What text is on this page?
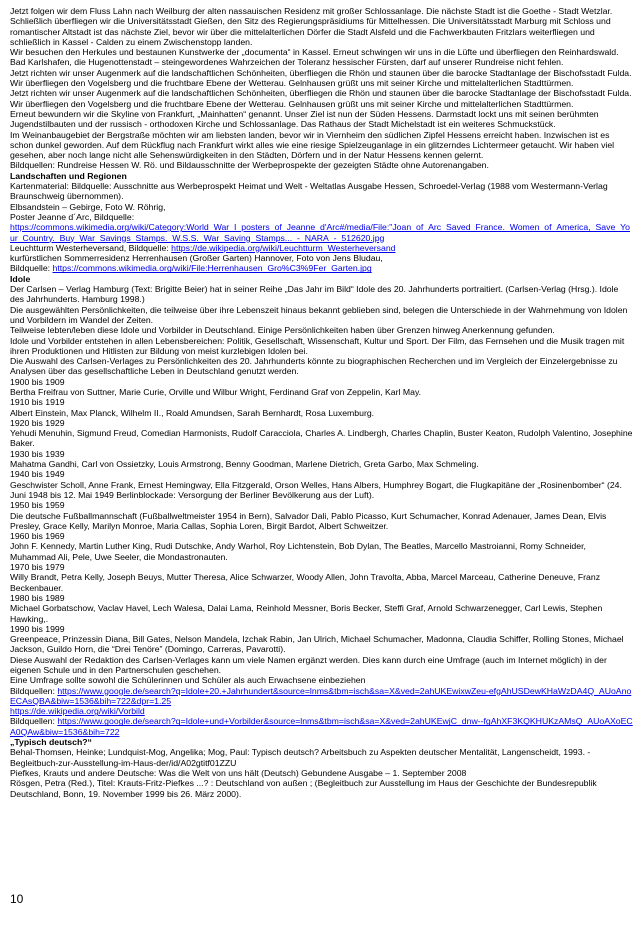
Jetzt folgen wir dem Fluss Lahn nach Weilburg der alten nassauischen Residenz mit großer Schlossanlage. Die nächste Stadt ist die Goethe - Stadt Wetzlar. Schließlich überfliegen wir die Universitätsstadt Gießen, den Sitz des Regierungspräsidiums für Mittelhessen. Die Universitätsstadt Marburg mit Schloss und romantischer Altstadt ist das nächste Ziel, bevor wir über die mittelalterlichen Dörfer die Stadt Alsfeld und die Fachwerkbauten Fritzlars weiterfliegen und schließlich in Kassel - Calden zu einem Zwischenstopp landen.

Wir besuchen den Herkules und bestaunen Kunstwerke der „documenta“ in Kassel. Erneut schwingen wir uns in die Lüfte und überfliegen den Reinhardswald.

Bad Karlshafen, die Hugenottenstadt – steingewordenes Wahrzeichen der Toleranz hessischer Fürsten, darf auf unserer Rundreise nicht fehlen.

Jetzt richten wir unser Augenmerk auf die landschaftlichen Schönheiten, überfliegen die Rhön und staunen über die barocke Stadtanlage der Bischofsstadt Fulda. Wir überfliegen den Vogelsberg und die fruchtbare Ebene der Wetterau. Gelnhausen grüßt uns mit seiner Kirche und mittelalterlichen Stadttürmen.

Jetzt richten wir unser Augenmerk auf die landschaftlichen Schönheiten, überfliegen die Rhön und staunen über die barocke Stadtanlage der Bischofsstadt Fulda. Wir überfliegen den Vogelsberg und die fruchtbare Ebene der Wetterau. Gelnhausen grüßt uns mit seiner Kirche und mittelalterlichen Stadttürmen.

Erneut bewundern wir die Skyline von Frankfurt, „Mainhatten“ genannt. Unser Ziel ist nun der Süden Hessens. Darmstadt lockt uns mit seinen berühmten Jugendstilbauten und der russisch - orthodoxen Kirche und Schlossanlage. Das Rathaus der Stadt Michelstadt ist ein weiteres Schmuckstück.

Im Weinanbaugebiet der Bergstraße möchten wir am liebsten landen, bevor wir in Viernheim den südlichen Zipfel Hessens erreicht haben. Inzwischen ist es schon dunkel geworden. Auf dem Rückflug nach Frankfurt wirkt alles wie eine riesige Spielzeuganlage in ein glitzerndes Lichtermeer getaucht. Wir haben viel gesehen, aber noch lange nicht alle Sehenswürdigkeiten in den Städten, Dörfern und in der Natur Hessens kennen gelernt.

Bildquellen: Rundreise Hessen W. Rö. und Bildausschnitte der Werbeprospekte der gezeigten Städte ohne Autorenangaben.

Landschaften und Regionen

Kartenmaterial: Bildquelle: Ausschnitte aus Werbeprospekt Heimat und Welt - Weltatlas Ausgabe Hessen, Schroedel-Verlag (1988 vom Westermann-Verlag Braunschweig übernommen).

Elbsandstein – Gebirge, Foto W. Röhrig,

Poster Jeanne d´Arc, Bildquelle:

https://commons.wikimedia.org/wiki/Category:World_War_I_posters_of_Jeanne_d'Arc#/media/File:"Joan_of_Arc_Saved_France._Women_of_America,_Save_Your_Country._Buy_War_Savings_Stamps._W.S.S._War_Saving_Stamps..._-_NARA_-_512620.jpg

Leuchtturm Westerheversand, Bildquelle: https://de.wikipedia.org/wiki/Leuchtturm_Westerheversand

kurfürstlichen Sommerresidenz Herrenhausen (Großer Garten) Hannover, Foto von Jens Bludau,

Bildquelle: https://commons.wikimedia.org/wiki/File:Herrenhausen_Gro%C3%9Fer_Garten.jpg

Idole

Der Carlsen – Verlag Hamburg (Text: Brigitte Beier) hat in seiner Reihe „Das Jahr im Bild“ Idole des 20. Jahrhunderts portraitiert. (Carlsen-Verlag (Hrsg.). Idole des Jahrhunderts. Hamburg 1998.)

Die ausgewählten Persönlichkeiten, die teilweise über ihre Lebenszeit hinaus bekannt geblieben sind, belegen die Unterschiede in der Wahrnehmung von Idolen und Vorbildern im Wandel der Zeiten.

Teilweise lebten/leben diese Idole und Vorbilder in Deutschland. Einige Persönlichkeiten haben über Grenzen hinweg Anerkennung gefunden.

Idole und Vorbilder entstehen in allen Lebensbereichen: Politik, Gesellschaft, Wissenschaft, Kultur und Sport. Der Film, das Fernsehen und die Musik tragen mit ihren Produktionen und Hitlisten zur Bildung von meist kurzlebigen Idolen bei.

Die Auswahl des Carlsen-Verlages zu Persönlichkeiten des 20. Jahrhunderts könnte zu biographischen Recherchen und im Vergleich der Einzelergebnisse zu Analysen über das gesellschaftliche Leben in Deutschland genutzt werden.

1900 bis 1909

Bertha Freifrau von Suttner, Marie Curie, Orville und Wilbur Wright, Ferdinand Graf von Zeppelin, Karl May.

1910 bis 1919

Albert Einstein, Max Planck, Wilhelm II., Roald Amundsen, Sarah Bernhardt, Rosa Luxemburg.

1920 bis 1929

Yehudi Menuhin, Sigmund Freud, Comedian Harmonists, Rudolf Caracciola, Charles A. Lindbergh, Charles Chaplin, Buster Keaton, Rudolph Valentino, Josephine Baker.

1930 bis 1939

Mahatma Gandhi, Carl von Ossietzky, Louis Armstrong, Benny Goodman, Marlene Dietrich, Greta Garbo, Max Schmeling.

1940 bis 1949

Geschwister Scholl, Anne Frank, Ernest Hemingway, Ella Fitzgerald, Orson Welles, Hans Albers, Humphrey Bogart, die Flugkapitäne der „Rosinenbomber“ (24. Juni 1948 bis 12. Mai 1949 Berlinblockade: Versorgung der Berliner Bevölkerung aus der Luft).

1950 bis 1959

Die deutsche Fußballmannschaft (Fußballweltmeister 1954 in Bern), Salvador Dali, Pablo Picasso, Kurt Schumacher, Konrad Adenauer, James Dean, Elvis Presley, Grace Kelly, Marilyn Monroe, Maria Callas, Sophia Loren, Birgit Bardot, Albert Schweitzer.

1960 bis 1969

John F. Kennedy, Martin Luther King, Rudi Dutschke, Andy Warhol, Roy Lichtenstein, Bob Dylan, The Beatles, Marcello Mastroianni, Romy Schneider, Muhammad Ali, Pele, Uwe Seeler, die Mondastronauten.

1970 bis 1979

Willy Brandt, Petra Kelly, Joseph Beuys, Mutter Theresa, Alice Schwarzer, Woody Allen, John Travolta, Abba, Marcel Marceau, Catherine Deneuve, Franz Beckenbauer.

1980 bis 1989

Michael Gorbatschow, Vaclav Havel, Lech Walesa, Dalai Lama, Reinhold Messner, Boris Becker, Steffi Graf, Arnold Schwarzenegger, Carl Lewis, Stephen Hawking,.

1990 bis 1999

Greenpeace, Prinzessin Diana, Bill Gates, Nelson Mandela, Izchak Rabin, Jan Ulrich, Michael Schumacher, Madonna, Claudia Schiffer, Rolling Stones, Michael Jackson, Guildo Horn, die “Drei Tenöre” (Domingo, Carreras, Pavarotti).

Diese Auswahl der Redaktion des Carlsen-Verlages kann um viele Namen ergänzt werden. Dies kann durch eine Umfrage (auch im Internet möglich) in der eigenen Schule und in den Partnerschulen geschehen.

Eine Umfrage sollte sowohl die Schülerinnen und Schüler als auch Erwachsene einbeziehen

Bildquellen: https://www.google.de/search?q=Idole+20.+Jahrhundert&source=lnms&tbm=isch&sa=X&ved=2ahUKEwixwZeu-efgAhUSDewKHaWzDA4Q_AUoAnoECAsQBA&biw=1536&bih=722&dpr=1.25

https://de.wikipedia.org/wiki/Vorbild

Bildquellen: https://www.google.de/search?q=Idole+und+Vorbilder&source=lnms&tbm=isch&sa=X&ved=2ahUKEwjC_dnw--fgAhXF3KQKHUKzAMsQ_AUoAXoECA0QAw&biw=1536&bih=722

„Typisch deutsch?“

Behal-Thomsen, Heinke; Lundquist-Mog, Angelika; Mog, Paul: Typisch deutsch? Arbeitsbuch zu Aspekten deutscher Mentalität, Langenscheidt, 1993. - Begleitbuch-zur-Ausstellung-im-Haus-der/id/A02gtitf01ZZU

Piefkes, Krauts und andere Deutsche: Was die Welt von uns hält (Deutsch) Gebundene Ausgabe – 1. September 2008

Rösgen, Petra (Red.), Titel: Krauts-Fritz-Piefkes ...? : Deutschland von außen ; (Begleitbuch zur Ausstellung im Haus der Geschichte der Bundesrepublik Deutschland, Bonn, 19. November 1999 bis 26. März 2000).

10
